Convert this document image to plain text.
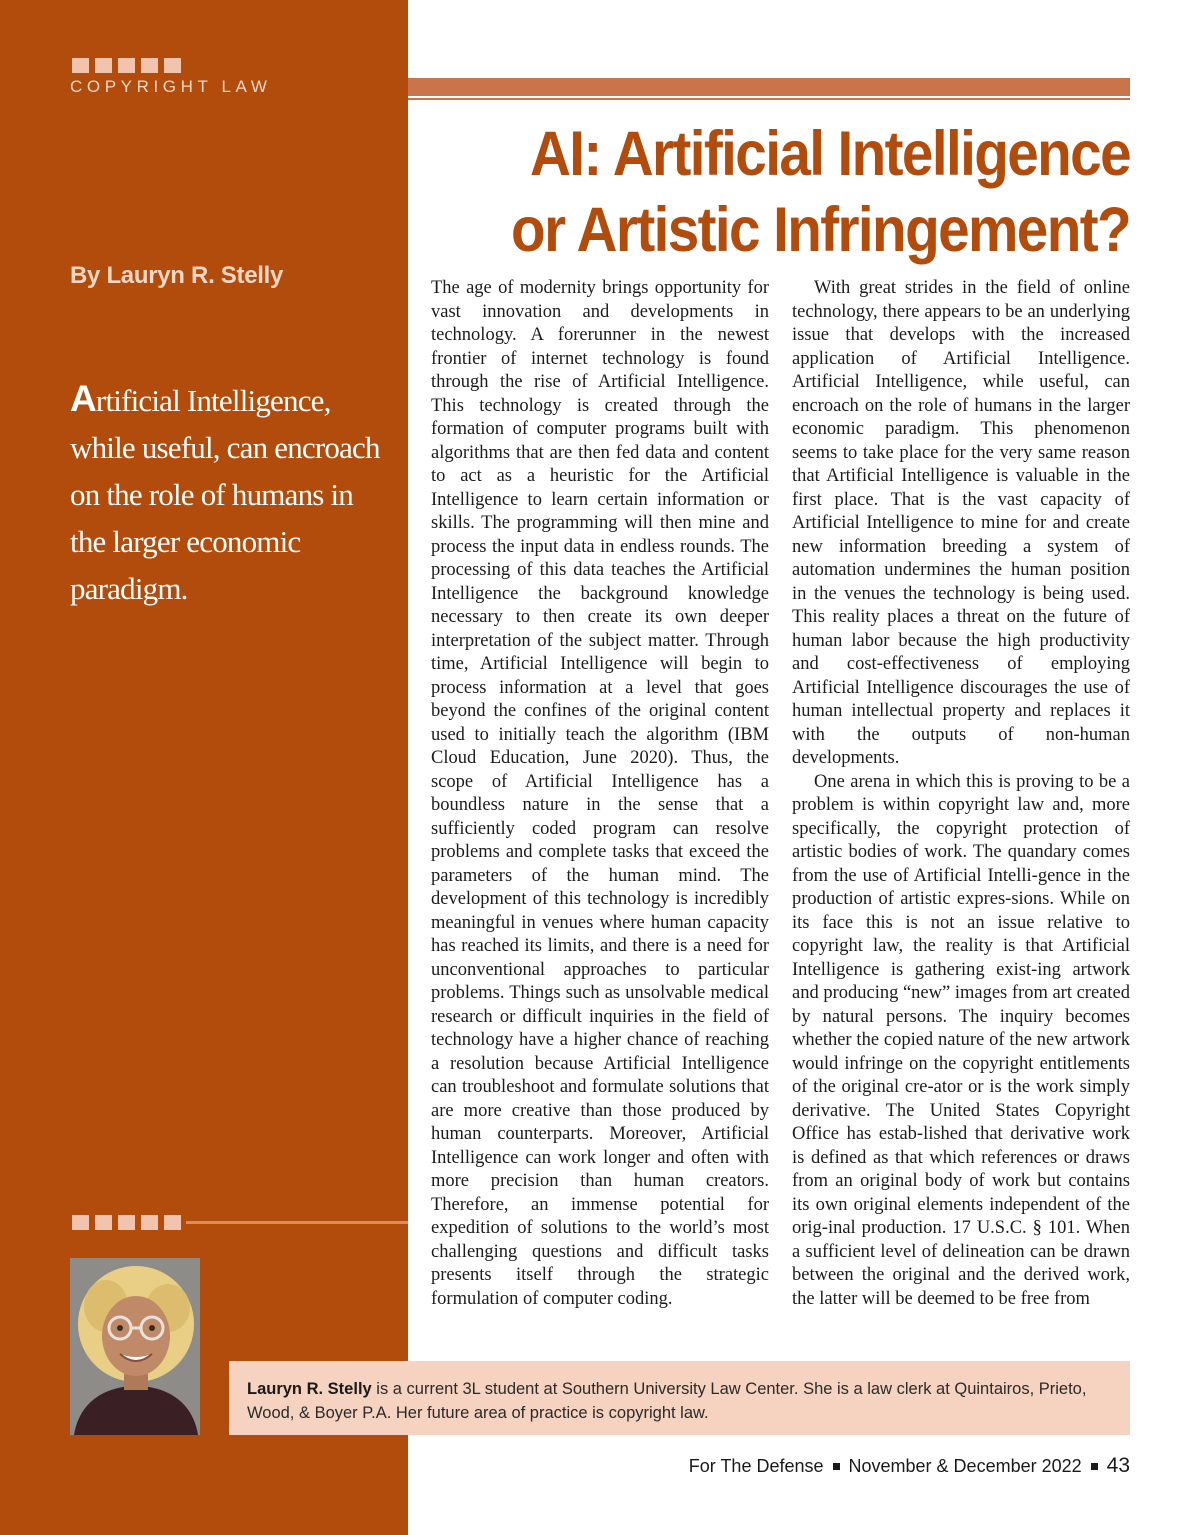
COPYRIGHT LAW
AI: Artificial Intelligence
or Artistic Infringement?
By Lauryn R. Stelly
Artificial Intelligence, while useful, can encroach on the role of humans in the larger economic paradigm.

The age of modernity brings opportunity for vast innovation and developments in technology. A forerunner in the newest frontier of internet technology is found through the rise of Artificial Intelligence. This technology is created through the formation of computer programs built with algorithms that are then fed data and content to act as a heuristic for the Artificial Intelligence to learn certain information or skills. The programming will then mine and process the input data in endless rounds. The processing of this data teaches the Artificial Intelligence the background knowledge necessary to then create its own deeper interpretation of the subject matter. Through time, Artificial Intelligence will begin to process information at a level that goes beyond the confines of the original content used to initially teach the algorithm (IBM Cloud Education, June 2020). Thus, the scope of Artificial Intelligence has a boundless nature in the sense that a sufficiently coded program can resolve problems and complete tasks that exceed the parameters of the human mind. The development of this technology is incredibly meaningful in venues where human capacity has reached its limits, and there is a need for unconventional approaches to particular problems. Things such as unsolvable medical research or difficult inquiries in the field of technology have a higher chance of reaching a resolution because Artificial Intelligence can troubleshoot and formulate solutions that are more creative than those produced by human counterparts. Moreover, Artificial Intelligence can work longer and often with more precision than human creators. Therefore, an immense potential for expedition of solutions to the world’s most challenging questions and difficult tasks presents itself through the strategic formulation of computer coding.

With great strides in the field of online technology, there appears to be an underlying issue that develops with the increased application of Artificial Intelligence. Artificial Intelligence, while useful, can encroach on the role of humans in the larger economic paradigm. This phenomenon seems to take place for the very same reason that Artificial Intelligence is valuable in the first place. That is the vast capacity of Artificial Intelligence to mine for and create new information breeding a system of automation undermines the human position in the venues the technology is being used. This reality places a threat on the future of human labor because the high productivity and cost-effectiveness of employing Artificial Intelligence discourages the use of human intellectual property and replaces it with the outputs of non-human developments.

One arena in which this is proving to be a problem is within copyright law and, more specifically, the copyright protection of artistic bodies of work. The quandary comes from the use of Artificial Intelli-gence in the production of artistic expres-sions. While on its face this is not an issue relative to copyright law, the reality is that Artificial Intelligence is gathering exist-ing artwork and producing “new” images from art created by natural persons. The inquiry becomes whether the copied nature of the new artwork would infringe on the copyright entitlements of the original cre-ator or is the work simply derivative. The United States Copyright Office has estab-lished that derivative work is defined as that which references or draws from an original body of work but contains its own original elements independent of the orig-inal production. 17 U.S.C. § 101. When a sufficient level of delineation can be drawn between the original and the derived work, the latter will be deemed to be free from

Lauryn R. Stelly is a current 3L student at Southern University Law Center. She is a law clerk at Quintairos, Prieto, Wood, & Boyer P.A. Her future area of practice is copyright law.
For The Defense November & December 2022 43
